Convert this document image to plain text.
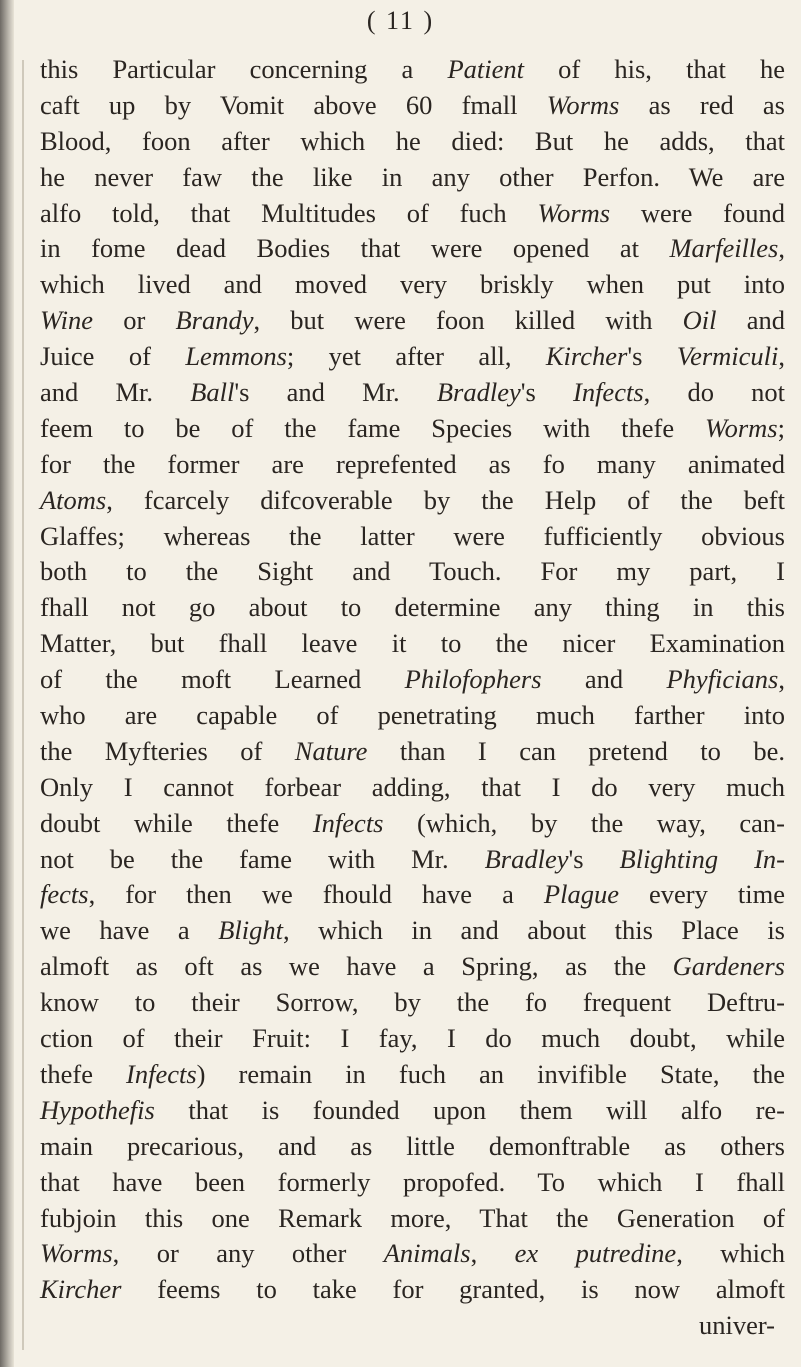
( 11 )
this Particular concerning a Patient of his, that he
caft up by Vomit above 60 fmall Worms as red as
Blood, foon after which he died: But he adds, that
he never faw the like in any other Perfon. We are
alfo told, that Multitudes of fuch Worms were found
in fome dead Bodies that were opened at Marfeilles,
which lived and moved very briskly when put into
Wine or Brandy, but were foon killed with Oil and
Juice of Lemmons; yet after all, Kircher's Vermiculi,
and Mr. Ball's and Mr. Bradley's Infects, do not
feem to be of the fame Species with thefe Worms;
for the former are reprefented as fo many animated
Atoms, fcarcely difcoverable by the Help of the beft
Glaffes; whereas the latter were fufficiently obvious
both to the Sight and Touch. For my part, I
fhall not go about to determine any thing in this
Matter, but fhall leave it to the nicer Examination
of the moft Learned Philofophers and Phyficians,
who are capable of penetrating much farther into
the Myfteries of Nature than I can pretend to be.
Only I cannot forbear adding, that I do very much
doubt while thefe Infects (which, by the way, can-
not be the fame with Mr. Bradley's Blighting In-
fects, for then we fhould have a Plague every time
we have a Blight, which in and about this Place is
almoft as oft as we have a Spring, as the Gardeners
know to their Sorrow, by the fo frequent Deftru-
ction of their Fruit: I fay, I do much doubt, while
thefe Infects) remain in fuch an invifible State, the
Hypothefis that is founded upon them will alfo re-
main precarious, and as little demonftrable as others
that have been formerly propofed. To which I fhall
fubjoin this one Remark more, That the Generation of
Worms, or any other Animals, ex putredine, which
Kircher feems to take for granted, is now almoft
univer-
